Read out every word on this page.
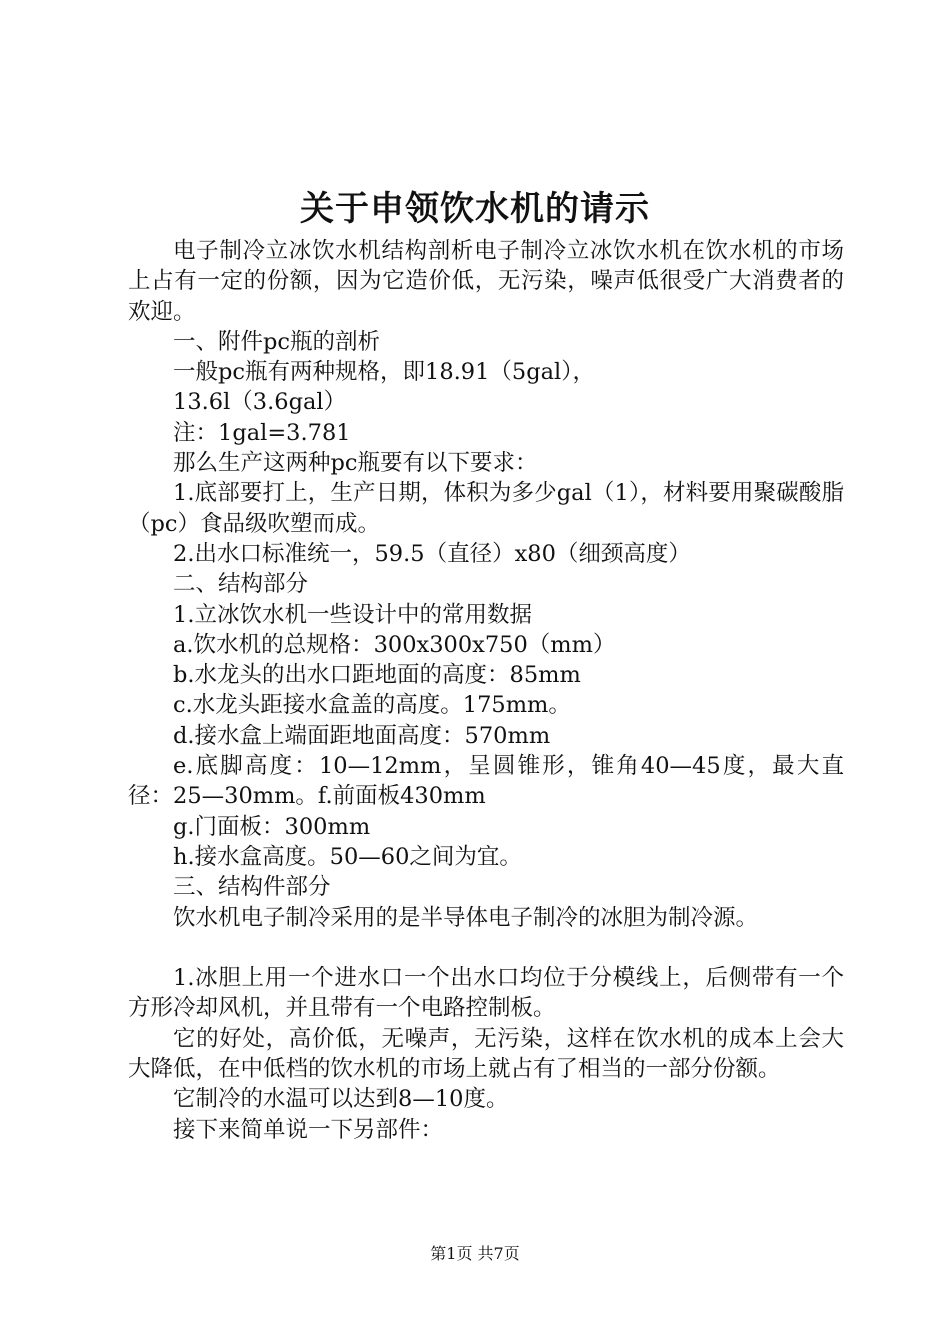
关于申领饮水机的请示

电子制冷立冰饮水机结构剖析电子制冷立冰饮水机在饮水机的市场上占有一定的份额，因为它造价低，无污染，噪声低很受广大消费者的欢迎。

一、附件pc瓶的剖析

一般pc瓶有两种规格，即18.91（5gal），

13.6l（3.6gal）

注：1gal=3.781

那么生产这两种pc瓶要有以下要求：

1.底部要打上，生产日期，体积为多少gal（1），材料要用聚碳酸脂（pc）食品级吹塑而成。

2.出水口标准统一，59.5（直径）x80（细颈高度）

二、结构部分

1.立冰饮水机一些设计中的常用数据

a.饮水机的总规格：300x300x750（mm）

b.水龙头的出水口距地面的高度：85mm

c.水龙头距接水盒盖的高度。175mm。

d.接水盒上端面距地面高度：570mm

e.底脚高度：10—12mm，呈圆锥形，锥角40—45度，最大直径：25—30mm。f.前面板430mm

g.门面板：300mm

h.接水盒高度。50—60之间为宜。

三、结构件部分

饮水机电子制冷采用的是半导体电子制冷的冰胆为制冷源。

1.冰胆上用一个进水口一个出水口均位于分模线上，后侧带有一个方形冷却风机，并且带有一个电路控制板。

它的好处，高价低，无噪声，无污染，这样在饮水机的成本上会大大降低，在中低档的饮水机的市场上就占有了相当的一部分份额。

它制冷的水温可以达到8—10度。

接下来简单说一下另部件：

第1页 共7页
